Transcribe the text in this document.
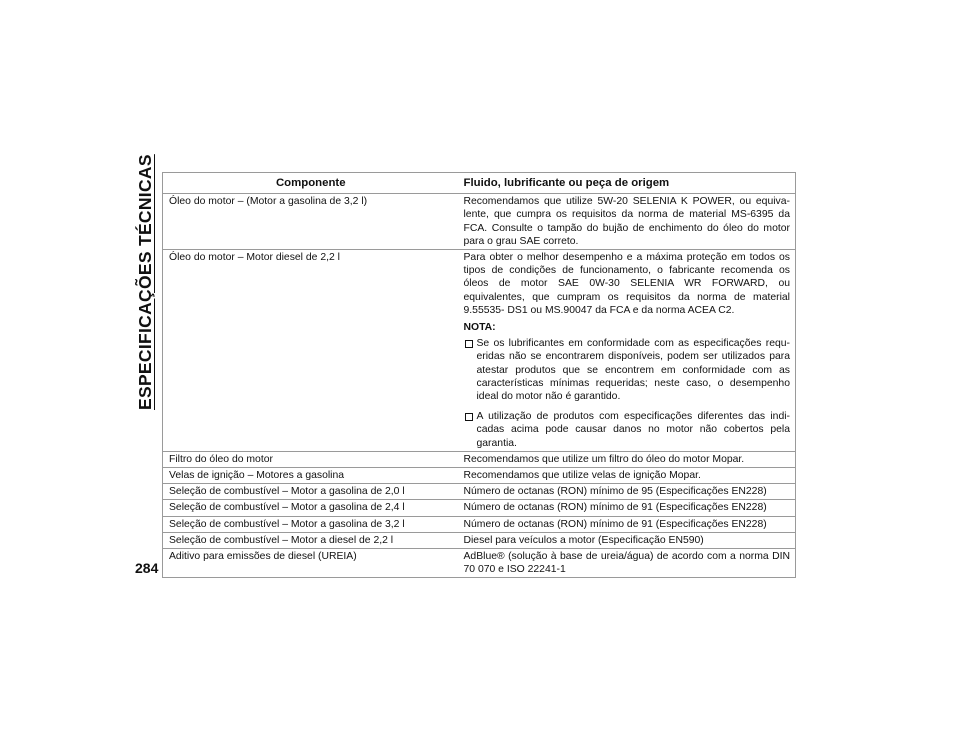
ESPECIFICAÇÕES TÉCNICAS	Componente	Fluido, lubrificante ou peça de origem
Óleo do motor – (Motor a gasolina de 3,2 l)	Recomendamos que utilize 5W-20 SELENIA K POWER, ou equiva-lente, que cumpra os requisitos da norma de material MS-6395 da FCA. Consulte o tampão do bujão de enchimento do óleo do motor para o grau SAE correto.
Óleo do motor – Motor diesel de 2,2 l	Para obter o melhor desempenho e a máxima proteção em todos os tipos de condições de funcionamento, o fabricante recomenda os óleos de motor SAE 0W-30 SELENIA WR FORWARD, ou equivalentes, que cumpram os requisitos da norma de material 9.55535- DS1 ou MS.90047 da FCA e da norma ACEA C2.
NOTA:
Se os lubrificantes em conformidade com as especificações requ-eridas não se encontrarem disponíveis, podem ser utilizados para atestar produtos que se encontrem em conformidade com as características mínimas requeridas; neste caso, o desempenho ideal do motor não é garantido.
A utilização de produtos com especificações diferentes das indi-cadas acima pode causar danos no motor não cobertos pela garantia.

Filtro do óleo do motor	Recomendamos que utilize um filtro do óleo do motor Mopar.
Velas de ignição – Motores a gasolina	Recomendamos que utilize velas de ignição Mopar.
Seleção de combustível – Motor a gasolina de 2,0 l	Número de octanas (RON) mínimo de 95 (Especificações EN228)
Seleção de combustível – Motor a gasolina de 2,4 l	Número de octanas (RON) mínimo de 91 (Especificações EN228)
Seleção de combustível – Motor a gasolina de 3,2 l	Número de octanas (RON) mínimo de 91 (Especificações EN228)
Seleção de combustível – Motor a diesel de 2,2 l	Diesel para veículos a motor (Especificação EN590)
Aditivo para emissões de diesel (UREIA)	AdBlue® (solução à base de ureia/água) de acordo com a norma DIN 70 070 e ISO 22241-1
284
